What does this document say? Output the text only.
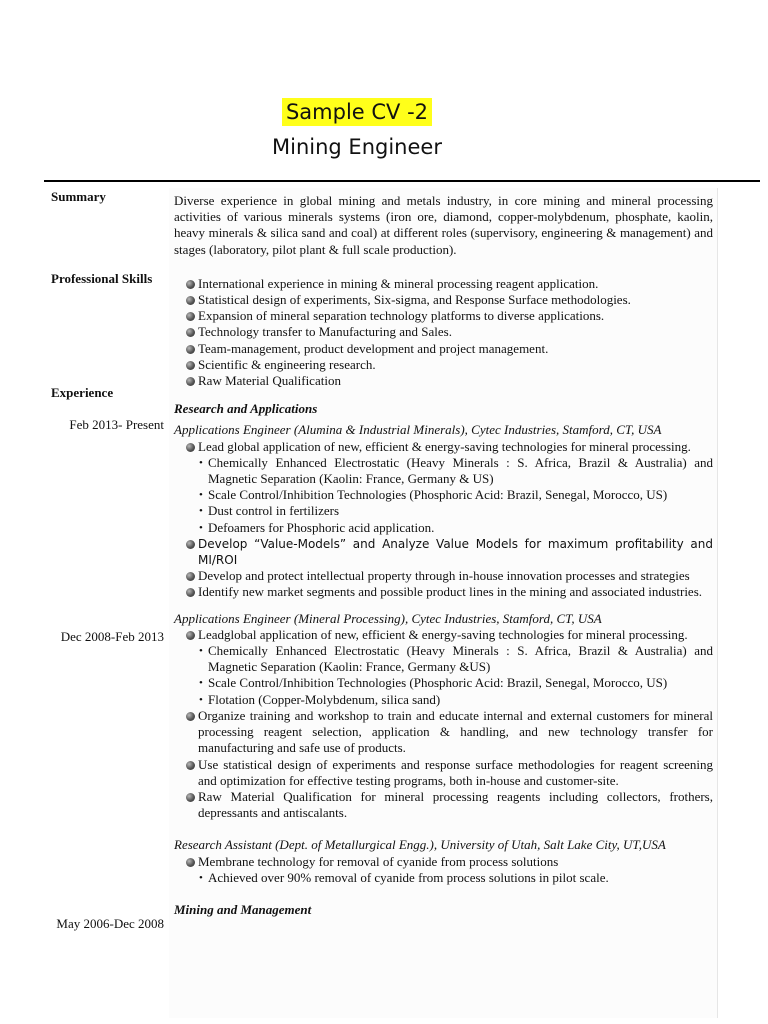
Sample CV -2
Mining Engineer
Summary
Professional Skills
Experience
Feb 2013- Present
Dec 2008-Feb 2013
May 2006-Dec 2008

Diverse experience in global mining and metals industry, in core mining and mineral processing activities of various minerals systems (iron ore, diamond, copper-molybdenum, phosphate, kaolin, heavy minerals & silica sand and coal) at different roles (supervisory, engineering & management) and stages (laboratory, pilot plant & full scale production).

International experience in mining & mineral processing reagent application.
Statistical design of experiments, Six-sigma, and Response Surface methodologies.
Expansion of mineral separation technology platforms to diverse applications.
Technology transfer to Manufacturing and Sales.
Team-management, product development and project management.
Scientific & engineering research.
Raw Material Qualification
Research and Applications
Applications Engineer (Alumina & Industrial Minerals), Cytec Industries, Stamford, CT, USA
Lead global application of new, efficient & energy-saving technologies for mineral processing.
• Chemically Enhanced Electrostatic (Heavy Minerals : S. Africa, Brazil & Australia) and Magnetic Separation (Kaolin: France, Germany & US)
• Scale Control/Inhibition Technologies (Phosphoric Acid: Brazil, Senegal, Morocco, US)
• Dust control in fertilizers
• Defoamers for Phosphoric acid application.
Develop “Value-Models” and Analyze Value Models for maximum profitability and MI/ROI
Develop and protect intellectual property through in-house innovation processes and strategies
Identify new market segments and possible product lines in the mining and associated industries.
Applications Engineer (Mineral Processing), Cytec Industries, Stamford, CT, USA
Leadglobal application of new, efficient & energy-saving technologies for mineral processing.
• Chemically Enhanced Electrostatic (Heavy Minerals : S. Africa, Brazil & Australia) and Magnetic Separation (Kaolin: France, Germany &US)
• Scale Control/Inhibition Technologies (Phosphoric Acid: Brazil, Senegal, Morocco, US)
• Flotation (Copper-Molybdenum, silica sand)
Organize training and workshop to train and educate internal and external customers for mineral processing reagent selection, application & handling, and new technology transfer for manufacturing and safe use of products.
Use statistical design of experiments and response surface methodologies for reagent screening and optimization for effective testing programs, both in-house and customer-site.
Raw Material Qualification for mineral processing reagents including collectors, frothers, depressants and antiscalants.
Research Assistant (Dept. of Metallurgical Engg.), University of Utah, Salt Lake City, UT,USA
Membrane technology for removal of cyanide from process solutions
• Achieved over 90% removal of cyanide from process solutions in pilot scale.
Mining and Management
